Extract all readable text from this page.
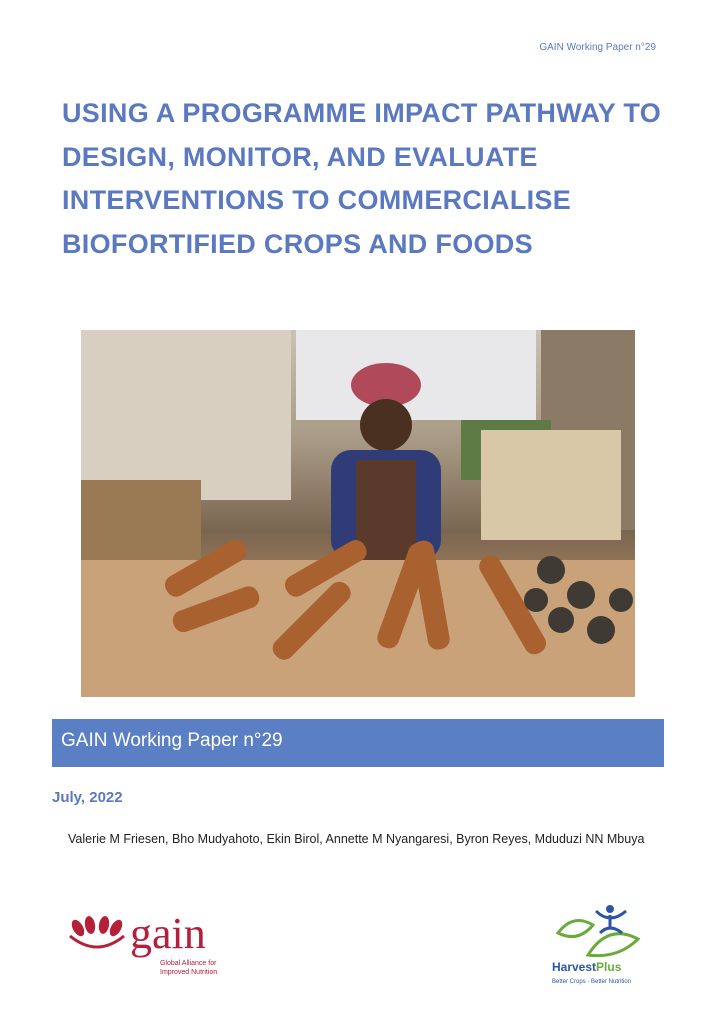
GAIN Working Paper n°29
USING A PROGRAMME IMPACT PATHWAY TO DESIGN, MONITOR, AND EVALUATE INTERVENTIONS TO COMMERCIALISE BIOFORTIFIED CROPS AND FOODS
GAIN Working Paper n°29
July, 2022
Valerie M Friesen, Bho Mudyahoto, Ekin Birol, Annette M Nyangaresi, Byron Reyes, Mduduzi NN Mbuya
gain
Global Alliance for
Improved Nutrition	HarvestPlus
Better Crops · Better Nutrition
